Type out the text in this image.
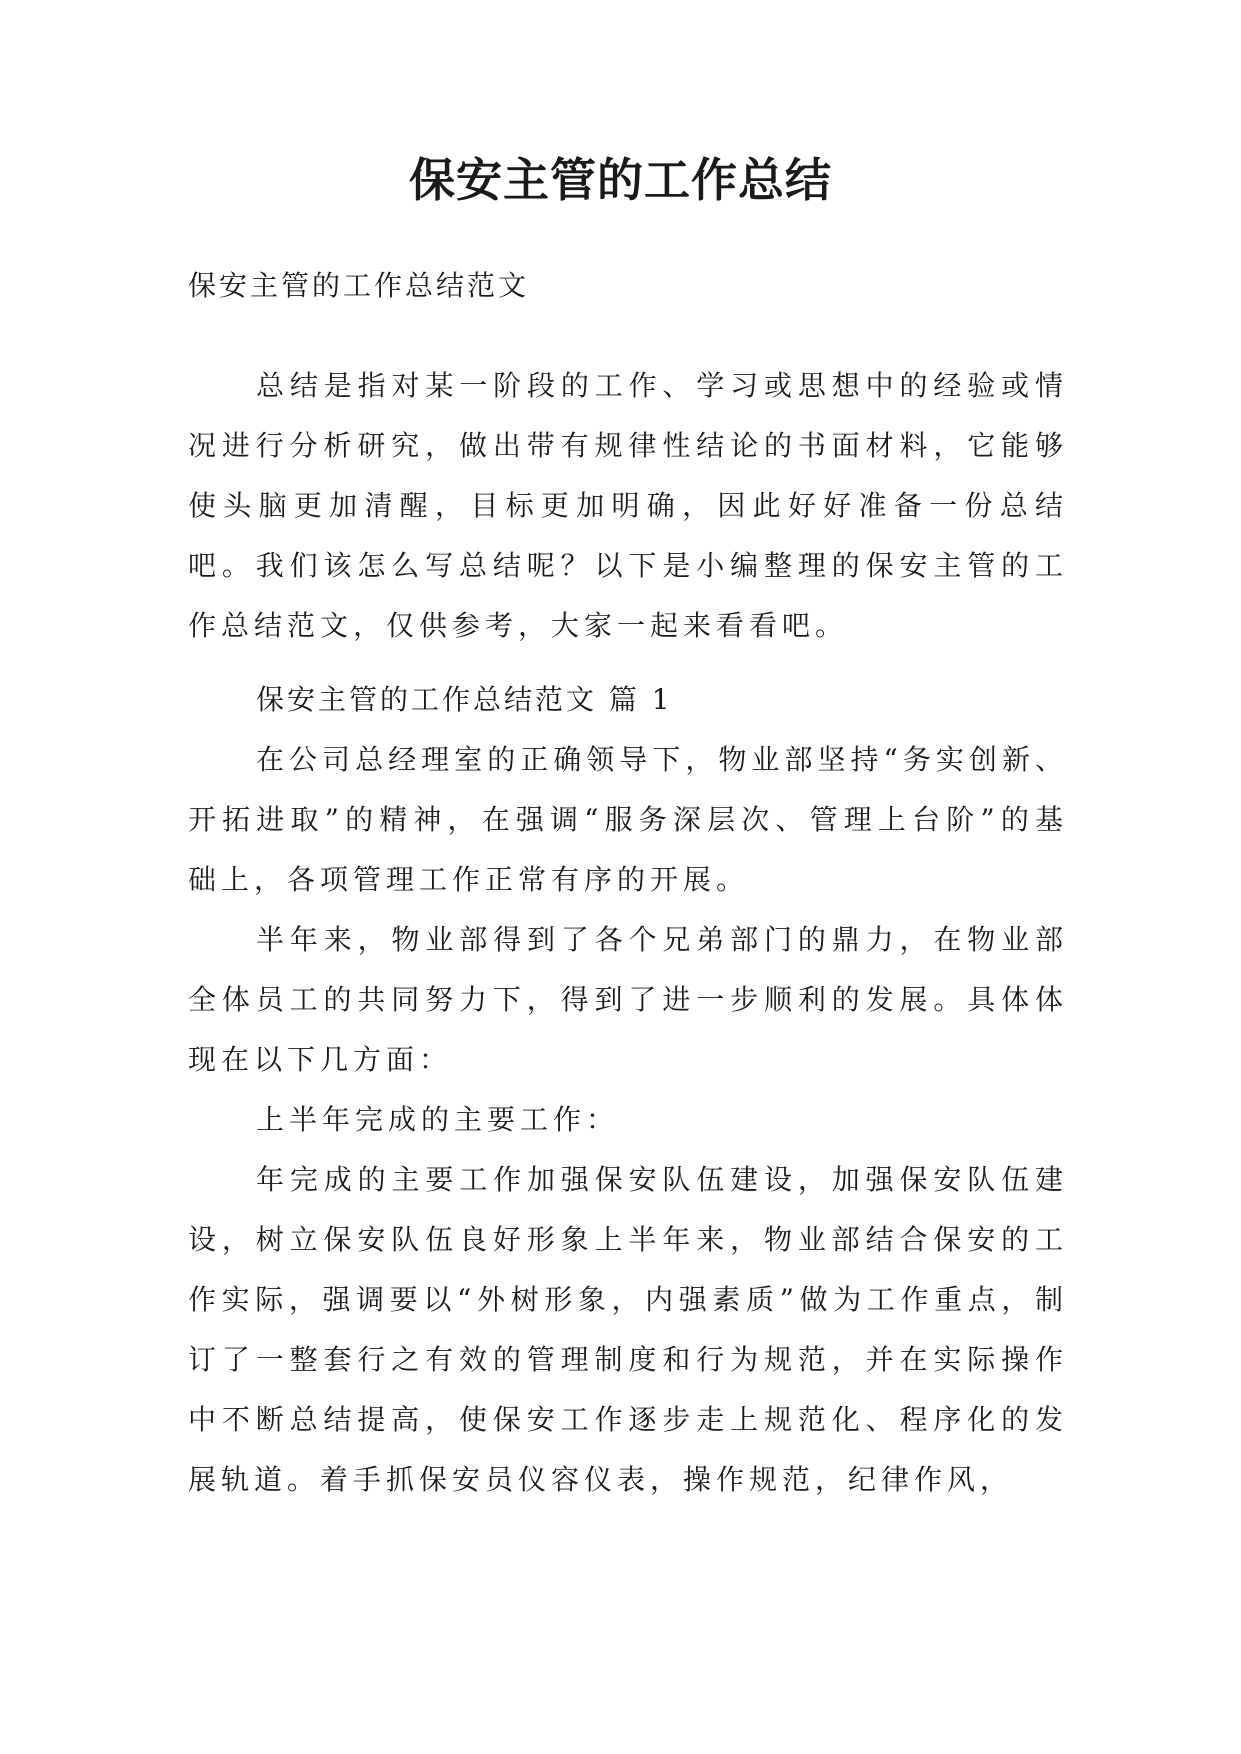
保安主管的工作总结
保安主管的工作总结范文

总结是指对某一阶段的工作、学习或思想中的经验或情况进行分析研究，做出带有规律性结论的书面材料，它能够使头脑更加清醒，目标更加明确，因此好好准备一份总结吧。我们该怎么写总结呢？以下是小编整理的保安主管的工作总结范文，仅供参考，大家一起来看看吧。

保安主管的工作总结范文 篇 1

在公司总经理室的正确领导下，物业部坚持“务实创新、开拓进取”的精神，在强调“服务深层次、管理上台阶”的基础上，各项管理工作正常有序的开展。

半年来，物业部得到了各个兄弟部门的鼎力，在物业部全体员工的共同努力下，得到了进一步顺利的发展。具体体现在以下几方面：

上半年完成的主要工作：

年完成的主要工作加强保安队伍建设，加强保安队伍建设，树立保安队伍良好形象上半年来，物业部结合保安的工作实际，强调要以“外树形象，内强素质”做为工作重点，制订了一整套行之有效的管理制度和行为规范，并在实际操作中不断总结提高，使保安工作逐步走上规范化、程序化的发展轨道。着手抓保安员仪容仪表，操作规范，纪律作风，
